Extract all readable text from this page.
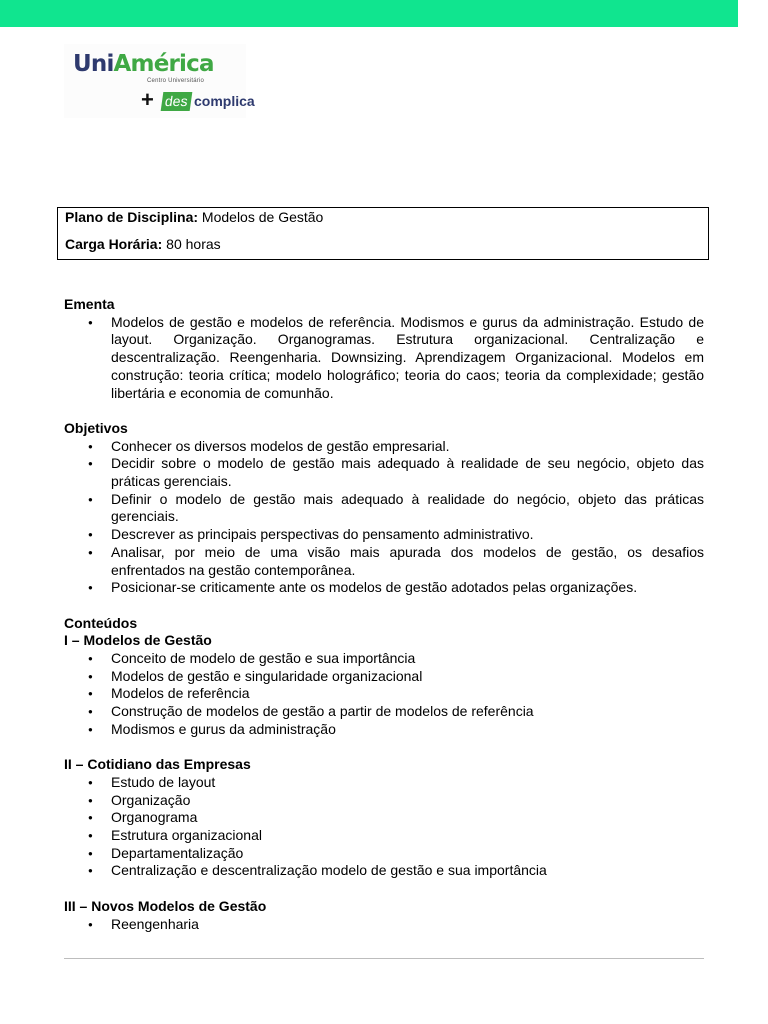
UniAmérica
Centro Universitário
+ des complica
Plano de Disciplina: Modelos de Gestão
Carga Horária: 80 horas
Ementa
● Modelos de gestão e modelos de referência. Modismos e gurus da administração. Estudo de layout. Organização. Organogramas. Estrutura organizacional. Centralização e descentralização. Reengenharia. Downsizing. Aprendizagem Organizacional. Modelos em construção: teoria crítica; modelo holográfico; teoria do caos; teoria da complexidade; gestão libertária e economia de comunhão.
Objetivos
● Conhecer os diversos modelos de gestão empresarial.
● Decidir sobre o modelo de gestão mais adequado à realidade de seu negócio, objeto das práticas gerenciais.
● Definir o modelo de gestão mais adequado à realidade do negócio, objeto das práticas gerenciais.
● Descrever as principais perspectivas do pensamento administrativo.
● Analisar, por meio de uma visão mais apurada dos modelos de gestão, os desafios enfrentados na gestão contemporânea.
● Posicionar-se criticamente ante os modelos de gestão adotados pelas organizações.
Conteúdos
I – Modelos de Gestão
● Conceito de modelo de gestão e sua importância
● Modelos de gestão e singularidade organizacional
● Modelos de referência
● Construção de modelos de gestão a partir de modelos de referência
● Modismos e gurus da administração
II – Cotidiano das Empresas
● Estudo de layout
● Organização
● Organograma
● Estrutura organizacional
● Departamentalização
● Centralização e descentralização modelo de gestão e sua importância
III – Novos Modelos de Gestão
● Reengenharia
